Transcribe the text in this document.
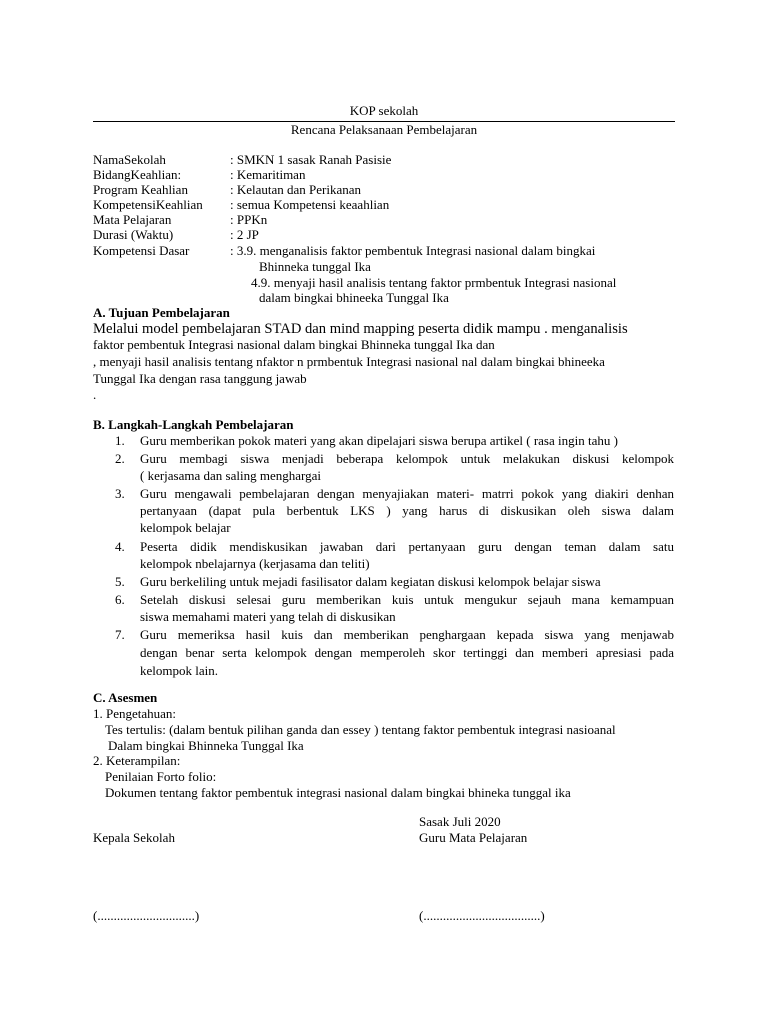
KOP sekolah
Rencana Pelaksanaan Pembelajaran
NamaSekolah	: SMKN 1 sasak Ranah Pasisie
BidangKeahlian:	: Kemaritiman
Program Keahlian	: Kelautan dan Perikanan
KompetensiKeahlian : semua Kompetensi keaahlian
Mata Pelajaran	: PPKn
Durasi (Waktu)	: 2 JP
Kompetensi Dasar	: 3.9. menganalisis faktor pembentuk Integrasi nasional dalam bingkai
Bhinneka tunggal Ika
4.9. menyaji hasil analisis tentang faktor prmbentuk Integrasi nasional
dalam bingkai bhineeka Tunggal Ika
A. Tujuan Pembelajaran
Melalui model pembelajaran STAD dan mind mapping peserta didik mampu . menganalisis
faktor pembentuk Integrasi nasional dalam bingkai Bhinneka tunggal Ika dan
, menyaji hasil analisis tentang nfaktor n prmbentuk Integrasi nasional nal dalam bingkai bhineeka
Tunggal Ika dengan rasa tanggung jawab
.
B. Langkah-Langkah Pembelajaran
1. Guru memberikan pokok materi yang akan dipelajari siswa berupa artikel ( rasa ingin tahu )
2. Guru membagi siswa menjadi beberapa kelompok untuk melakukan diskusi kelompok
( kerjasama dan saling menghargai
3. Guru mengawali pembelajaran dengan menyajiakan materi- matrri pokok yang diakiri denhan
pertanyaan (dapat pula berbentuk LKS ) yang harus di diskusikan oleh siswa dalam
kelompok belajar
4. Peserta didik mendiskusikan jawaban dari pertanyaan guru dengan teman dalam satu
kelompok nbelajarnya (kerjasama dan teliti)
5. Guru berkeliling untuk mejadi fasilisator dalam kegiatan diskusi kelompok belajar siswa
6. Setelah diskusi selesai guru memberikan kuis untuk mengukur sejauh mana kemampuan
siswa memahami materi yang telah di diskusikan
7. Guru memeriksa hasil kuis dan memberikan penghargaan kepada siswa yang menjawab
dengan benar serta kelompok dengan memperoleh skor tertinggi dan memberi apresiasi pada
kelompok lain.
C. Asesmen
1. Pengetahuan:
Tes tertulis: (dalam bentuk pilihan ganda dan essey ) tentang faktor pembentuk integrasi nasioanal
Dalam bingkai Bhinneka Tunggal Ika
2. Keterampilan:
Penilaian Forto folio:
Dokumen tentang faktor pembentuk integrasi nasional dalam bingkai bhineka tunggal ika
Sasak Juli 2020
Kepala Sekolah	Guru Mata Pelajaran
(..............................)	(....................................)
